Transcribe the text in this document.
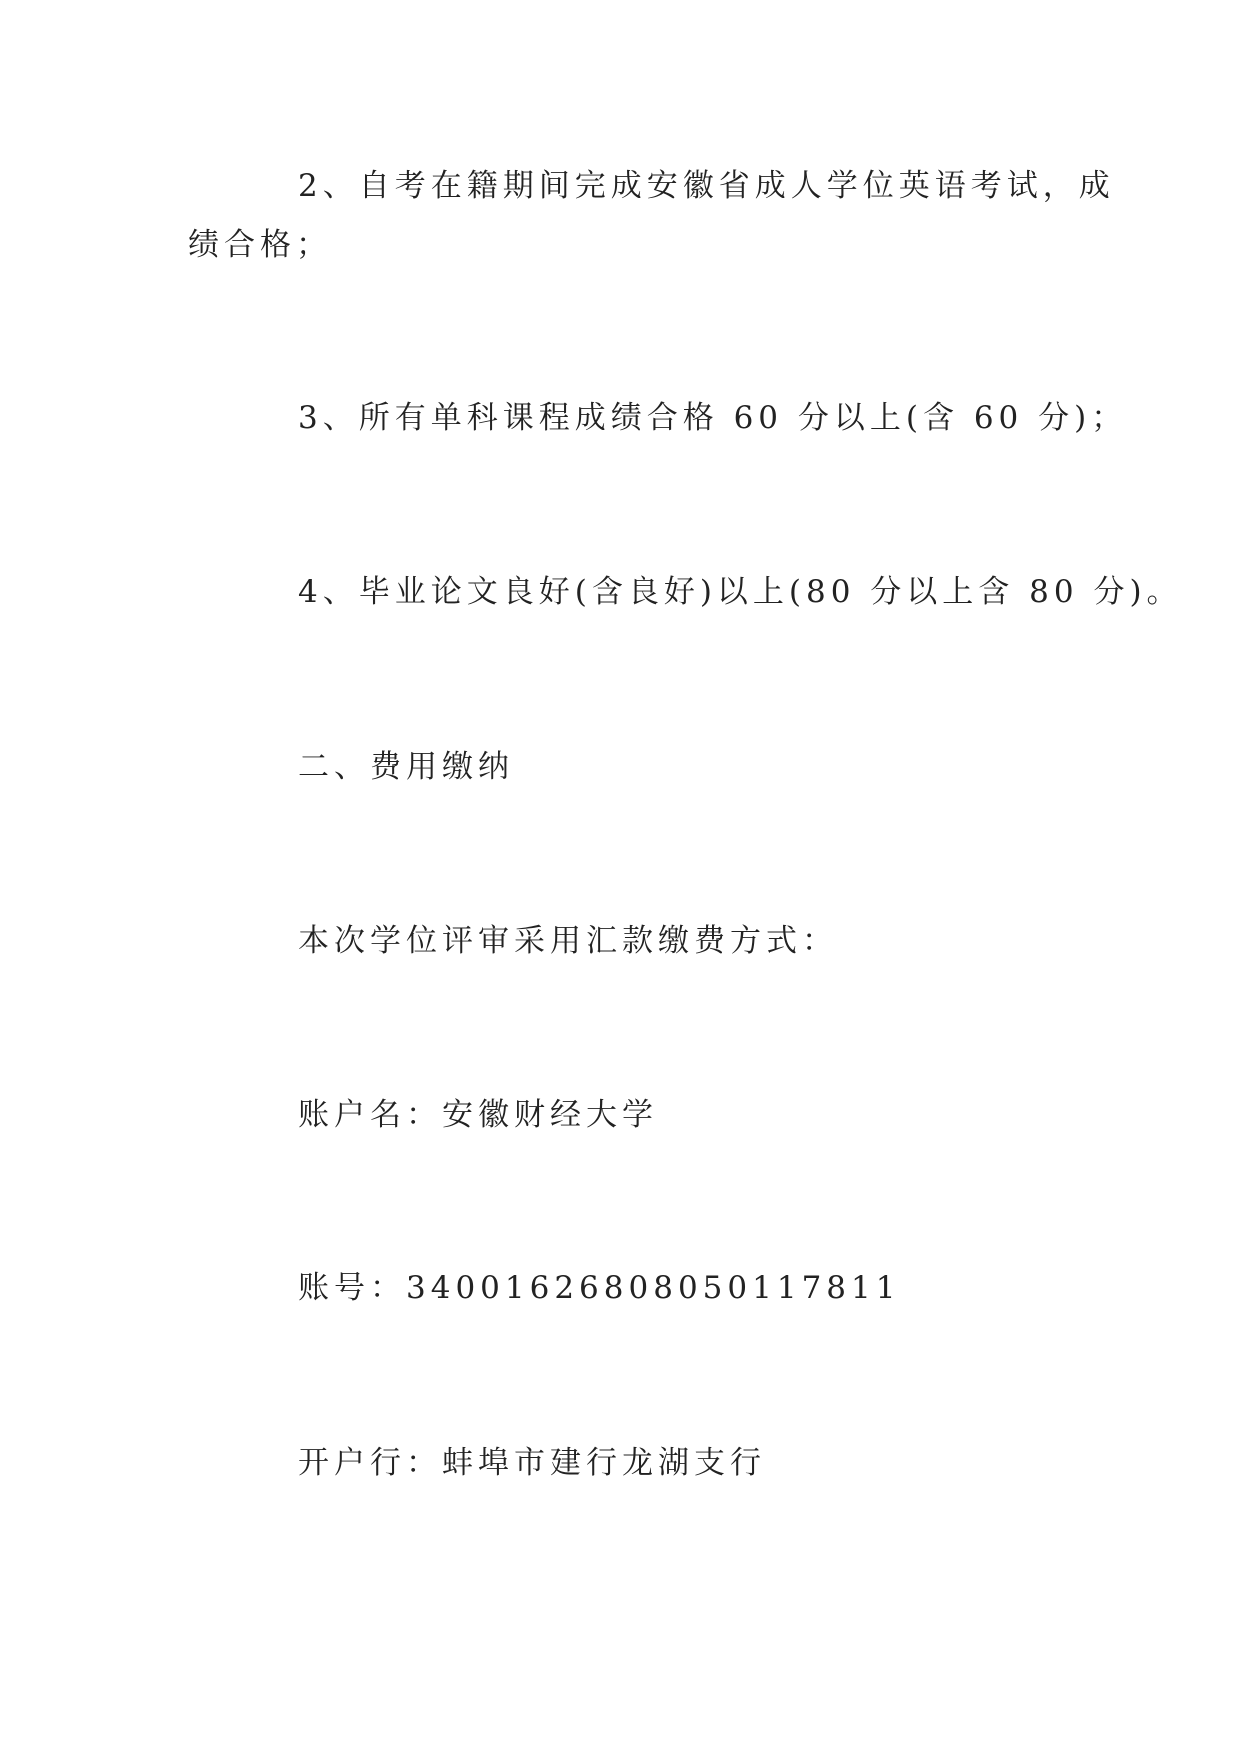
2、自考在籍期间完成安徽省成人学位英语考试，成

绩合格；

3、所有单科课程成绩合格 60 分以上(含 60 分)；

4、毕业论文良好(含良好)以上(80 分以上含 80 分)。

二、费用缴纳

本次学位评审采用汇款缴费方式：

账户名：安徽财经大学

账号：34001626808050117811

开户行：蚌埠市建行龙湖支行
